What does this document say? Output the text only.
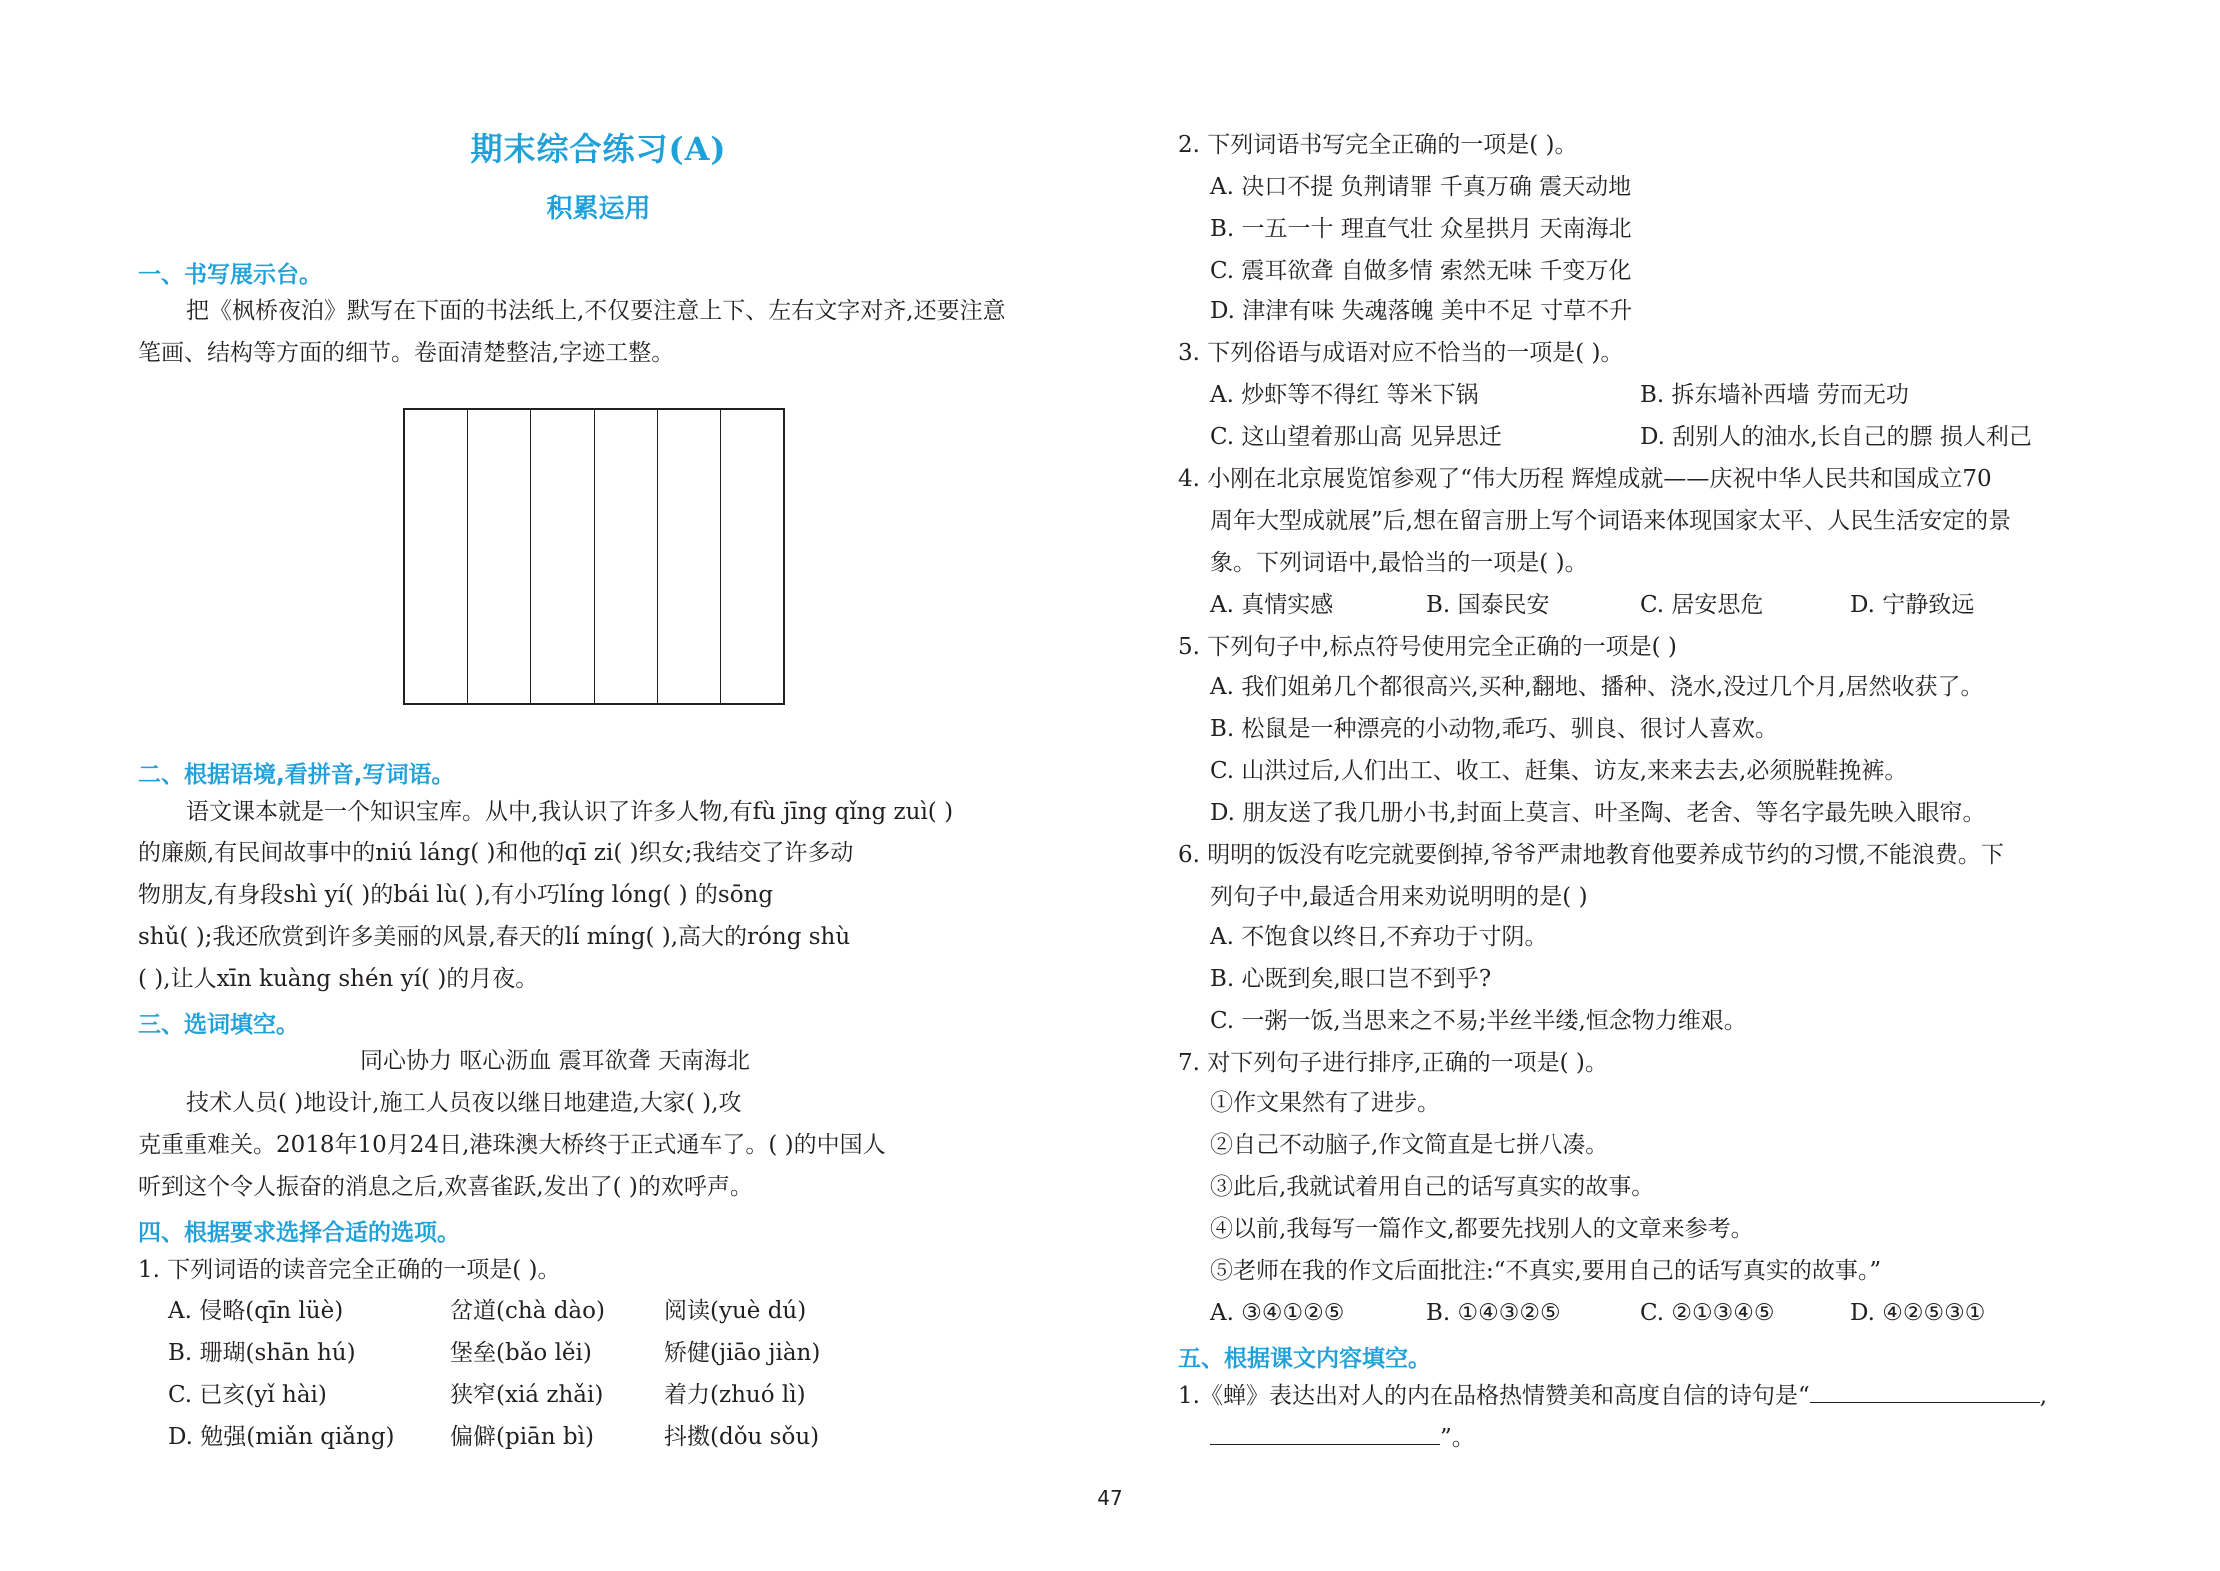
期末综合练习(A)
积累运用
一、书写展示台。
把《枫桥夜泊》默写在下面的书法纸上,不仅要注意上下、左右文字对齐,还要注意
笔画、结构等方面的细节。卷面清楚整洁,字迹工整。
二、根据语境,看拼音,写词语。
语文课本就是一个知识宝库。从中,我认识了许多人物,有fù jīng qǐng zuì( )
的廉颇,有民间故事中的niú láng( )和他的qī zi( )织女;我结交了许多动
物朋友,有身段shì yí( )的bái lù( ),有小巧líng lóng( ) 的sōng
shǔ( );我还欣赏到许多美丽的风景,春天的lí míng( ),高大的róng shù
( ),让人xīn kuàng shén yí( )的月夜。
三、选词填空。
同心协力 呕心沥血 震耳欲聋 天南海北
技术人员( )地设计,施工人员夜以继日地建造,大家( ),攻
克重重难关。2018年10月24日,港珠澳大桥终于正式通车了。( )的中国人
听到这个令人振奋的消息之后,欢喜雀跃,发出了( )的欢呼声。
四、根据要求选择合适的选项。
1. 下列词语的读音完全正确的一项是( )。
A. 侵略(qīn lüè)	岔道(chà dào)	阅读(yuè dú)
B. 珊瑚(shān hú)	堡垒(bǎo lěi)	矫健(jiāo jiàn)
C. 已亥(yǐ hài)	狭窄(xiá zhǎi)	着力(zhuó lì)
D. 勉强(miǎn qiǎng) 偏僻(piān bì)	抖擞(dǒu sǒu)
2. 下列词语书写完全正确的一项是( )。
A. 决口不提 负荆请罪 千真万确 震天动地
B. 一五一十 理直气壮 众星拱月 天南海北
C. 震耳欲聋 自做多情 索然无味 千变万化
D. 津津有味 失魂落魄 美中不足 寸草不升
3. 下列俗语与成语对应不恰当的一项是( )。
A. 炒虾等不得红 等米下锅	B. 拆东墙补西墙 劳而无功
C. 这山望着那山高 见异思迁	D. 刮别人的油水,长自己的膘 损人利己
4. 小刚在北京展览馆参观了“伟大历程 辉煌成就——庆祝中华人民共和国成立70
周年大型成就展”后,想在留言册上写个词语来体现国家太平、人民生活安定的景
象。下列词语中,最恰当的一项是( )。
A. 真情实感	B. 国泰民安	C. 居安思危	D. 宁静致远
5. 下列句子中,标点符号使用完全正确的一项是( )
A. 我们姐弟几个都很高兴,买种,翻地、播种、浇水,没过几个月,居然收获了。
B. 松鼠是一种漂亮的小动物,乖巧、驯良、很讨人喜欢。
C. 山洪过后,人们出工、收工、赶集、访友,来来去去,必须脱鞋挽裤。
D. 朋友送了我几册小书,封面上莫言、叶圣陶、老舍、等名字最先映入眼帘。
6. 明明的饭没有吃完就要倒掉,爷爷严肃地教育他要养成节约的习惯,不能浪费。下
列句子中,最适合用来劝说明明的是( )
A. 不饱食以终日,不弃功于寸阴。
B. 心既到矣,眼口岂不到乎?
C. 一粥一饭,当思来之不易;半丝半缕,恒念物力维艰。
7. 对下列句子进行排序,正确的一项是( )。
①作文果然有了进步。
②自己不动脑子,作文简直是七拼八凑。
③此后,我就试着用自己的话写真实的故事。
④以前,我每写一篇作文,都要先找别人的文章来参考。
⑤老师在我的作文后面批注:“不真实,要用自己的话写真实的故事。”
A. ③④①②⑤	B. ①④③②⑤	C. ②①③④⑤	D. ④②⑤③①
五、根据课文内容填空。
1.《蝉》表达出对人的内在品格热情赞美和高度自信的诗句是“	,
”。
47
